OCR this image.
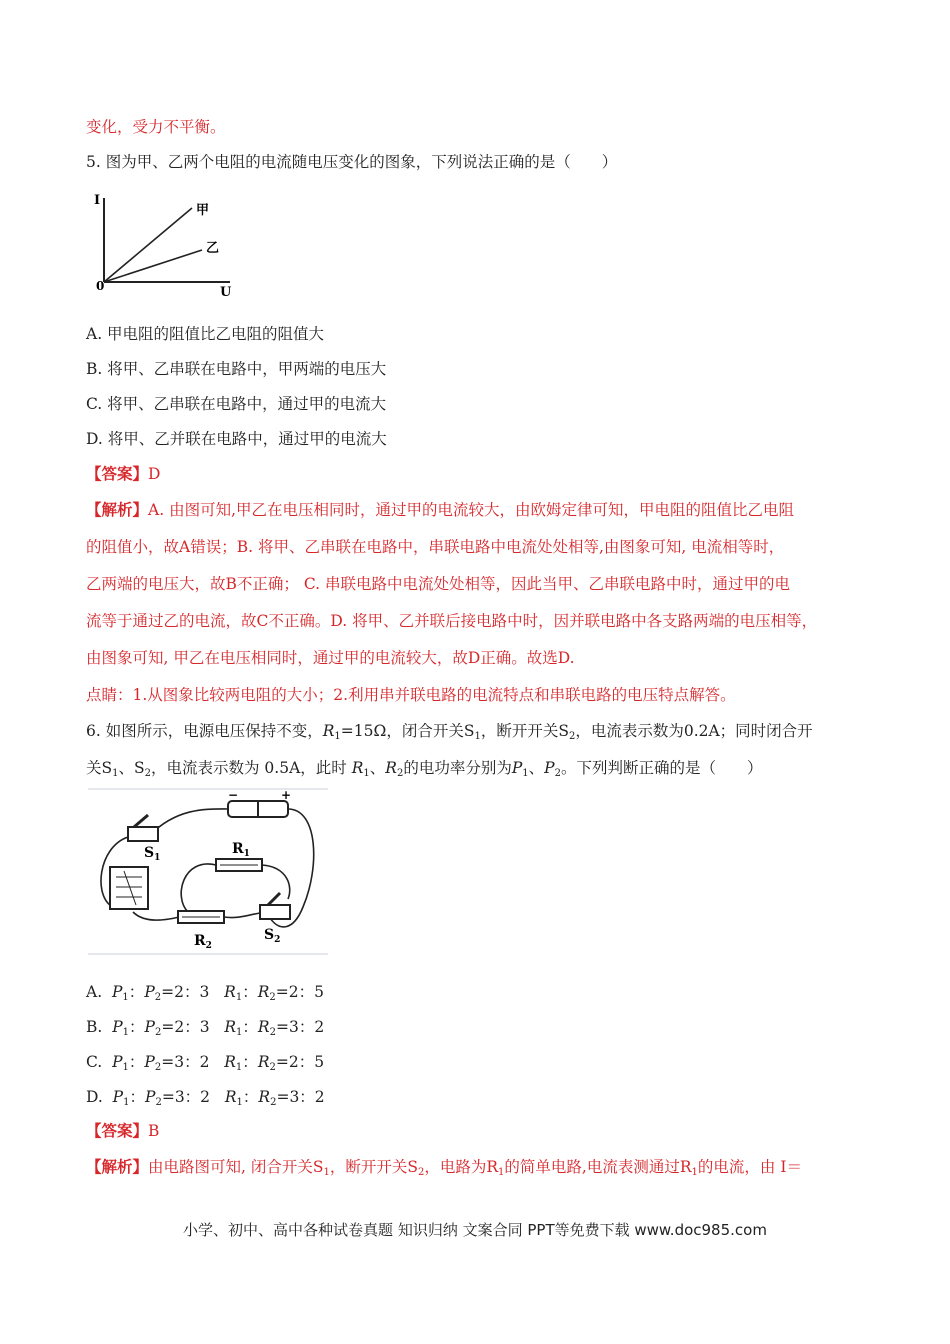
变化，受力不平衡。
5. 图为甲、乙两个电阻的电流随电压变化的图象，下列说法正确的是（　　）
I
U
0
甲
乙
A. 甲电阻的阻值比乙电阻的阻值大
B. 将甲、乙串联在电路中，甲两端的电压大
C. 将甲、乙串联在电路中，通过甲的电流大
D. 将甲、乙并联在电路中，通过甲的电流大
【答案】D
【解析】A. 由图可知,甲乙在电压相同时，通过甲的电流较大，由欧姆定律可知，甲电阻的阻值比乙电阻
的阻值小，故A错误；B. 将甲、乙串联在电路中，串联电路中电流处处相等,由图象可知, 电流相等时，
乙两端的电压大，故B不正确； C. 串联电路中电流处处相等，因此当甲、乙串联电路中时，通过甲的电
流等于通过乙的电流，故C不正确。D. 将甲、乙并联后接电路中时，因并联电路中各支路两端的电压相等，
由图象可知, 甲乙在电压相同时，通过甲的电流较大，故D正确。故选D.
点睛：1.从图象比较两电阻的大小；2.利用串并联电路的电流特点和串联电路的电压特点解答。
6. 如图所示，电源电压保持不变，$R_1=15\Omega$，闭合开关$S_1$，断开开关$S_2$，电流表示数为0.2A；同时闭合开
关$S_1$、$S_2$，电流表示数为 0.5A，此时 $R_1$、$R_2$的电功率分别为$P_1$、$P_2$。下列判断正确的是（　　）
−	+
$S_1$
$R_1$
$R_2$
$S_2$
A. $P_1$：$P_2=2$：3 $R_1$：$R_2=2$：5
B. $P_1$：$P_2=2$：3 $R_1$：$R_2=3$：2
C. $P_1$：$P_2=3$：2 $R_1$：$R_2=2$：5
D. $P_1$：$P_2=3$：2 $R_1$：$R_2=3$：2
【答案】B
【解析】由电路图可知, 闭合开关$S_1$，断开开关$S_2$，电路为$R_1$的简单电路,电流表测通过$R_1$的电流，由 I＝
小学、初中、高中各种试卷真题 知识归纳 文案合同 PPT等免费下载 www.doc985.com
